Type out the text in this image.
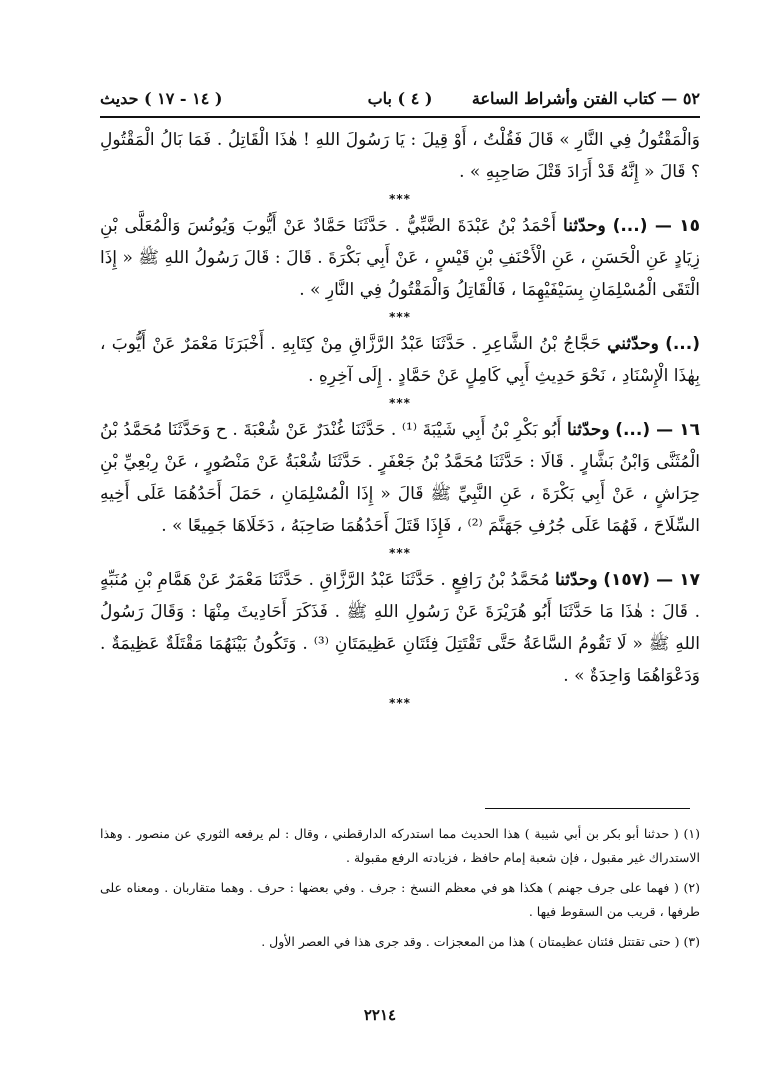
٥٢ — كتاب الفتن وأشراط الساعة
( ٤ ) باب
( ١٤ - ١٧ ) حديث

وَالْمَقْتُولُ فِي النَّارِ » قَالَ فَقُلْتُ ، أَوْ قِيلَ : يَا رَسُولَ اللهِ ! هٰذَا الْقَاتِلُ . فَمَا بَالُ الْمَقْتُولِ ؟ قَالَ « إِنَّهُ قَدْ أَرَادَ قَتْلَ صَاحِبِهِ » .

***

١٥ — (...) وحدّثنا أَحْمَدُ بْنُ عَبْدَةَ الضَّبِّيُّ . حَدَّثَنَا حَمَّادٌ عَنْ أَيُّوبَ وَيُونُسَ وَالْمُعَلَّى بْنِ زِيَادٍ عَنِ الْحَسَنِ ، عَنِ الْأَحْنَفِ بْنِ قَيْسٍ ، عَنْ أَبِي بَكْرَةَ . قَالَ : قَالَ رَسُولُ اللهِ ﷺ « إِذَا الْتَقَى الْمُسْلِمَانِ بِسَيْفَيْهِمَا ، فَالْقَاتِلُ وَالْمَقْتُولُ فِي النَّارِ » .

***

(...) وحدّثني حَجَّاجُ بْنُ الشَّاعِرِ . حَدَّثَنَا عَبْدُ الرَّزَّاقِ مِنْ كِتَابِهِ . أَخْبَرَنَا مَعْمَرٌ عَنْ أَيُّوبَ ، بِهٰذَا الْإِسْنَادِ ، نَحْوَ حَدِيثِ أَبِي كَامِلٍ عَنْ حَمَّادٍ . إِلَى آخِرِهِ .

***

١٦ — (...) وحدّثنا أَبُو بَكْرِ بْنُ أَبِي شَيْبَةَ ⁽¹⁾ . حَدَّثَنَا غُنْدَرٌ عَنْ شُعْبَةَ . ح وَحَدَّثَنَا مُحَمَّدُ بْنُ الْمُثَنَّى وَابْنُ بَشَّارٍ . قَالَا : حَدَّثَنَا مُحَمَّدُ بْنُ جَعْفَرٍ . حَدَّثَنَا شُعْبَةُ عَنْ مَنْصُورٍ ، عَنْ رِبْعِيِّ بْنِ حِرَاشٍ ، عَنْ أَبِي بَكْرَةَ ، عَنِ النَّبِيِّ ﷺ قَالَ « إِذَا الْمُسْلِمَانِ ، حَمَلَ أَحَدُهُمَا عَلَى أَخِيهِ السِّلَاحَ ، فَهُمَا عَلَى جُرُفِ جَهَنَّمَ ⁽²⁾ ، فَإِذَا قَتَلَ أَحَدُهُمَا صَاحِبَهُ ، دَخَلَاهَا جَمِيعًا » .

***

١٧ — (١٥٧) وحدّثنا مُحَمَّدُ بْنُ رَافِعٍ . حَدَّثَنَا عَبْدُ الرَّزَّاقِ . حَدَّثَنَا مَعْمَرٌ عَنْ هَمَّامِ بْنِ مُنَبِّهٍ . قَالَ : هٰذَا مَا حَدَّثَنَا أَبُو هُرَيْرَةَ عَنْ رَسُولِ اللهِ ﷺ . فَذَكَرَ أَحَادِيثَ مِنْهَا : وَقَالَ رَسُولُ اللهِ ﷺ « لَا تَقُومُ السَّاعَةُ حَتَّى تَقْتَتِلَ فِئَتَانِ عَظِيمَتَانِ ⁽³⁾ . وَتَكُونُ بَيْنَهُمَا مَقْتَلَةٌ عَظِيمَةٌ . وَدَعْوَاهُمَا وَاحِدَةٌ » .

***

(١) ( حدثنا أبو بكر بن أبي شيبة ) هذا الحديث مما استدركه الدارقطني ، وقال : لم يرفعه الثوري عن منصور . وهذا الاستدراك غير مقبول ، فإن شعبة إمام حافظ ، فزيادته الرفع مقبولة .

(٢) ( فهما على جرف جهنم ) هكذا هو في معظم النسخ : جرف . وفي بعضها : حرف . وهما متقاربان . ومعناه على طرفها ، قريب من السقوط فيها .

(٣) ( حتى تقتتل فئتان عظيمتان ) هذا من المعجزات . وقد جرى هذا في العصر الأول .

٢٢١٤
